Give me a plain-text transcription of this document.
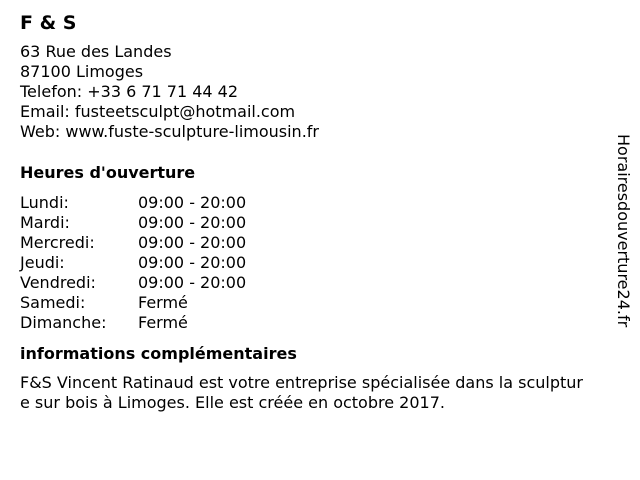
F & S
63 Rue des Landes
87100 Limoges
Telefon: +33 6 71 71 44 42
Email: fusteetsculpt@hotmail.com
Web: www.fuste-sculpture-limousin.fr
Heures d'ouverture
Lundi:	09:00 - 20:00
Mardi:	09:00 - 20:00
Mercredi:	09:00 - 20:00
Jeudi:	09:00 - 20:00
Vendredi:	09:00 - 20:00
Samedi:	Fermé
Dimanche:	Fermé
informations complémentaires
F&S Vincent Ratinaud est votre entreprise spécialisée dans la sculpture sur bois à Limoges. Elle est créée en octobre 2017.
Horairesdouverture24.fr
